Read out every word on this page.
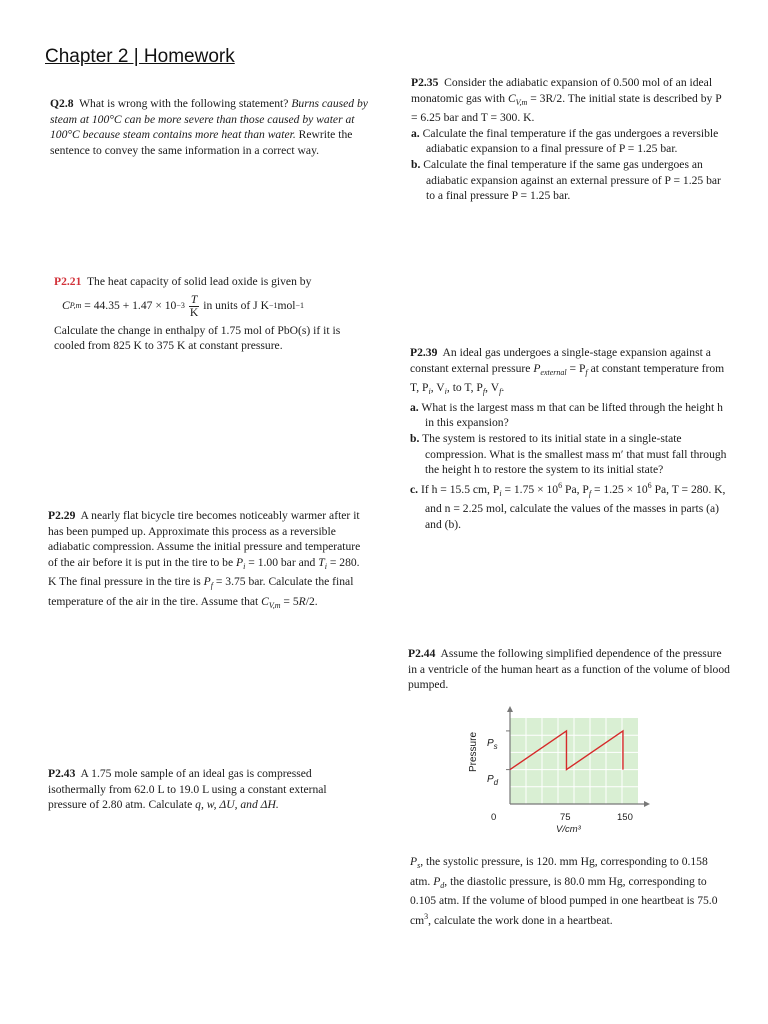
Chapter 2 | Homework
Q2.8 What is wrong with the following statement? Burns caused by steam at 100°C can be more severe than those caused by water at 100°C because steam contains more heat than water. Rewrite the sentence to convey the same information in a correct way.
P2.21 The heat capacity of solid lead oxide is given by
C P,m
= $44.35 + 1.47 \times 10 -3 \frac{T}{K}$ in units of J K −1 mol −1
Calculate the change in enthalpy of 1.75 mol of PbO(s) if it is cooled from 825 K to 375 K at constant pressure.
P2.29 A nearly flat bicycle tire becomes noticeably warmer after it has been pumped up. Approximate this process as a reversible adiabatic compression. Assume the initial pressure and temperature of the air before it is put in the tire to be $P_i = 1.00$ bar and $T_i = 280$. K The final pressure in the tire is $P_f = 3.75$ bar. Calculate the final temperature of the air in the tire. Assume that $C_{V,m} = 5R/2$.
P2.43 A 1.75 mole sample of an ideal gas is compressed isothermally from 62.0 L to 19.0 L using a constant external pressure of 2.80 atm. Calculate q, w, ΔU, and ΔH.
P2.35 Consider the adiabatic expansion of 0.500 mol of an ideal monatomic gas with $C_{V,m} = 3R/2$. The initial state is described by P = 6.25 bar and T = 300. K.
a. Calculate the final temperature if the gas undergoes a reversible adiabatic expansion to a final pressure of P = 1.25 bar.
b. Calculate the final temperature if the same gas undergoes an adiabatic expansion against an external pressure of P = 1.25 bar to a final pressure P = 1.25 bar.
P2.39 An ideal gas undergoes a single-stage expansion against a constant external pressure $P_{external} = P_f$ at constant temperature from T, $P_i$, $V_i$, to T, $P_f$, $V_f$.
a. What is the largest mass m that can be lifted through the height h in this expansion?
b. The system is restored to its initial state in a single-state compression. What is the smallest mass m′ that must fall through the height h to restore the system to its initial state?
c. If h = 15.5 cm, $P_i = 1.75 \times 10^6$ Pa, $P_f = 1.25 \times 10^6$ Pa, T = 280. K, and n = 2.25 mol, calculate the values of the masses in parts (a) and (b).
P2.44 Assume the following simplified dependence of the pressure in a ventricle of the human heart as a function of the volume of blood pumped.
Pressure $P_s$
$P_d$
0	75	150
V/cm³
$P_s$, the systolic pressure, is 120. mm Hg, corresponding to 0.158 atm. $P_d$, the diastolic pressure, is 80.0 mm Hg, corresponding to 0.105 atm. If the volume of blood pumped in one heartbeat is 75.0 $cm^3$, calculate the work done in a heartbeat.
